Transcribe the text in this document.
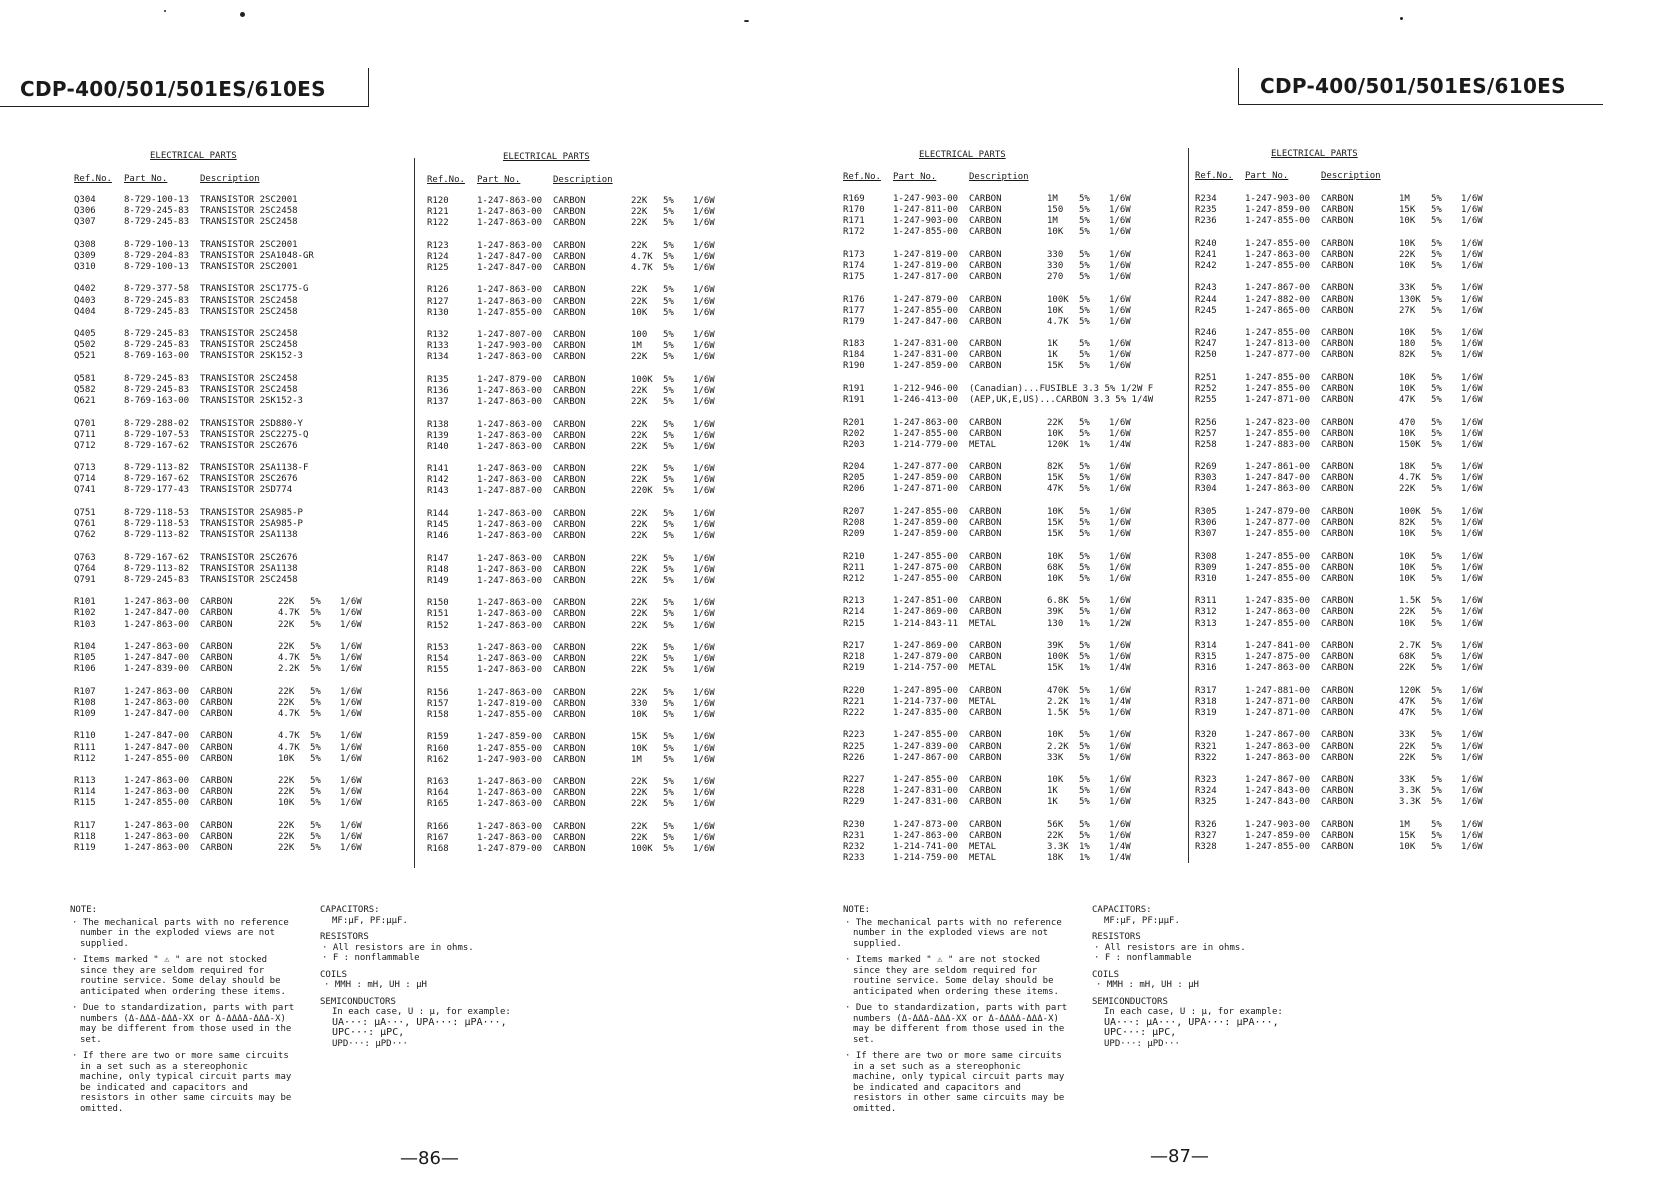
CDP-400/501/501ES/610ES	CDP-400/501/501ES/610ES
—86—	—87—
ELECTRICAL PARTS
Ref.No. Part No.	Description
Q304	8-729-100-13 TRANSISTOR 2SC2001
Q306	8-729-245-83 TRANSISTOR 2SC2458
Q307	8-729-245-83 TRANSISTOR 2SC2458
Q308	8-729-100-13 TRANSISTOR 2SC2001
Q309	8-729-204-83 TRANSISTOR 2SA1048-GR
Q310	8-729-100-13 TRANSISTOR 2SC2001
Q402	8-729-377-58 TRANSISTOR 2SC1775-G
Q403	8-729-245-83 TRANSISTOR 2SC2458
Q404	8-729-245-83 TRANSISTOR 2SC2458
Q405	8-729-245-83 TRANSISTOR 2SC2458
Q502	8-729-245-83 TRANSISTOR 2SC2458
Q521	8-769-163-00 TRANSISTOR 2SK152-3
Q581	8-729-245-83 TRANSISTOR 2SC2458
Q582	8-729-245-83 TRANSISTOR 2SC2458
Q621	8-769-163-00 TRANSISTOR 2SK152-3
Q701	8-729-288-02 TRANSISTOR 2SD880-Y
Q711	8-729-107-53 TRANSISTOR 2SC2275-Q
Q712	8-729-167-62 TRANSISTOR 2SC2676
Q713	8-729-113-82 TRANSISTOR 2SA1138-F
Q714	8-729-167-62 TRANSISTOR 2SC2676
Q741	8-729-177-43 TRANSISTOR 2SD774
Q751	8-729-118-53 TRANSISTOR 2SA985-P
Q761	8-729-118-53 TRANSISTOR 2SA985-P
Q762	8-729-113-82 TRANSISTOR 2SA1138
Q763	8-729-167-62 TRANSISTOR 2SC2676
Q764	8-729-113-82 TRANSISTOR 2SA1138
Q791	8-729-245-83 TRANSISTOR 2SC2458
R101	1-247-863-00 CARBON	22K 5% 1/6W
R102	1-247-847-00 CARBON	4.7K 5% 1/6W
R103	1-247-863-00 CARBON	22K 5% 1/6W
R104	1-247-863-00 CARBON	22K 5% 1/6W
R105	1-247-847-00 CARBON	4.7K 5% 1/6W
R106	1-247-839-00 CARBON	2.2K 5% 1/6W
R107	1-247-863-00 CARBON	22K 5% 1/6W
R108	1-247-863-00 CARBON	22K 5% 1/6W
R109	1-247-847-00 CARBON	4.7K 5% 1/6W
R110	1-247-847-00 CARBON	4.7K 5% 1/6W
R111	1-247-847-00 CARBON	4.7K 5% 1/6W
R112	1-247-855-00 CARBON	10K 5% 1/6W
R113	1-247-863-00 CARBON	22K 5% 1/6W
R114	1-247-863-00 CARBON	22K 5% 1/6W
R115	1-247-855-00 CARBON	10K 5% 1/6W
R117	1-247-863-00 CARBON	22K 5% 1/6W
R118	1-247-863-00 CARBON	22K 5% 1/6W
R119	1-247-863-00 CARBON	22K 5% 1/6W
ELECTRICAL PARTS
Ref.No. Part No.	Description
R120	1-247-863-00 CARBON	22K 5% 1/6W
R121	1-247-863-00 CARBON	22K 5% 1/6W
R122	1-247-863-00 CARBON	22K 5% 1/6W
R123	1-247-863-00 CARBON	22K 5% 1/6W
R124	1-247-847-00 CARBON	4.7K 5% 1/6W
R125	1-247-847-00 CARBON	4.7K 5% 1/6W
R126	1-247-863-00 CARBON	22K 5% 1/6W
R127	1-247-863-00 CARBON	22K 5% 1/6W
R130	1-247-855-00 CARBON	10K 5% 1/6W
R132	1-247-807-00 CARBON	100 5% 1/6W
R133	1-247-903-00 CARBON	1M 5% 1/6W
R134	1-247-863-00 CARBON	22K 5% 1/6W
R135	1-247-879-00 CARBON	100K 5% 1/6W
R136	1-247-863-00 CARBON	22K 5% 1/6W
R137	1-247-863-00 CARBON	22K 5% 1/6W
R138	1-247-863-00 CARBON	22K 5% 1/6W
R139	1-247-863-00 CARBON	22K 5% 1/6W
R140	1-247-863-00 CARBON	22K 5% 1/6W
R141	1-247-863-00 CARBON	22K 5% 1/6W
R142	1-247-863-00 CARBON	22K 5% 1/6W
R143	1-247-887-00 CARBON	220K 5% 1/6W
R144	1-247-863-00 CARBON	22K 5% 1/6W
R145	1-247-863-00 CARBON	22K 5% 1/6W
R146	1-247-863-00 CARBON	22K 5% 1/6W
R147	1-247-863-00 CARBON	22K 5% 1/6W
R148	1-247-863-00 CARBON	22K 5% 1/6W
R149	1-247-863-00 CARBON	22K 5% 1/6W
R150	1-247-863-00 CARBON	22K 5% 1/6W
R151	1-247-863-00 CARBON	22K 5% 1/6W
R152	1-247-863-00 CARBON	22K 5% 1/6W
R153	1-247-863-00 CARBON	22K 5% 1/6W
R154	1-247-863-00 CARBON	22K 5% 1/6W
R155	1-247-863-00 CARBON	22K 5% 1/6W
R156	1-247-863-00 CARBON	22K 5% 1/6W
R157	1-247-819-00 CARBON	330 5% 1/6W
R158	1-247-855-00 CARBON	10K 5% 1/6W
R159	1-247-859-00 CARBON	15K 5% 1/6W
R160	1-247-855-00 CARBON	10K 5% 1/6W
R162	1-247-903-00 CARBON	1M 5% 1/6W
R163	1-247-863-00 CARBON	22K 5% 1/6W
R164	1-247-863-00 CARBON	22K 5% 1/6W
R165	1-247-863-00 CARBON	22K 5% 1/6W
R166	1-247-863-00 CARBON	22K 5% 1/6W
R167	1-247-863-00 CARBON	22K 5% 1/6W
R168	1-247-879-00 CARBON	100K 5% 1/6W
ELECTRICAL PARTS
Ref.No. Part No.	Description
R169	1-247-903-00 CARBON	1M 5% 1/6W
R170	1-247-811-00 CARBON	150 5% 1/6W
R171	1-247-903-00 CARBON	1M 5% 1/6W
R172	1-247-855-00 CARBON	10K 5% 1/6W
R173	1-247-819-00 CARBON	330 5% 1/6W
R174	1-247-819-00 CARBON	330 5% 1/6W
R175	1-247-817-00 CARBON	270 5% 1/6W
R176	1-247-879-00 CARBON	100K 5% 1/6W
R177	1-247-855-00 CARBON	10K 5% 1/6W
R179	1-247-847-00 CARBON	4.7K 5% 1/6W
R183	1-247-831-00 CARBON	1K 5% 1/6W
R184	1-247-831-00 CARBON	1K 5% 1/6W
R190	1-247-859-00 CARBON	15K 5% 1/6W
R191	1-212-946-00 (Canadian)...FUSIBLE 3.3 5% 1/2W F
R191	1-246-413-00 (AEP,UK,E,US)...CARBON 3.3 5% 1/4W
R201	1-247-863-00 CARBON	22K 5% 1/6W
R202	1-247-855-00 CARBON	10K 5% 1/6W
R203	1-214-779-00 METAL	120K 1% 1/4W
R204	1-247-877-00 CARBON	82K 5% 1/6W
R205	1-247-859-00 CARBON	15K 5% 1/6W
R206	1-247-871-00 CARBON	47K 5% 1/6W
R207	1-247-855-00 CARBON	10K 5% 1/6W
R208	1-247-859-00 CARBON	15K 5% 1/6W
R209	1-247-859-00 CARBON	15K 5% 1/6W
R210	1-247-855-00 CARBON	10K 5% 1/6W
R211	1-247-875-00 CARBON	68K 5% 1/6W
R212	1-247-855-00 CARBON	10K 5% 1/6W
R213	1-247-851-00 CARBON	6.8K 5% 1/6W
R214	1-247-869-00 CARBON	39K 5% 1/6W
R215	1-214-843-11 METAL	130 1% 1/2W
R217	1-247-869-00 CARBON	39K 5% 1/6W
R218	1-247-879-00 CARBON	100K 5% 1/6W
R219	1-214-757-00 METAL	15K 1% 1/4W
R220	1-247-895-00 CARBON	470K 5% 1/6W
R221	1-214-737-00 METAL	2.2K 1% 1/4W
R222	1-247-835-00 CARBON	1.5K 5% 1/6W
R223	1-247-855-00 CARBON	10K 5% 1/6W
R225	1-247-839-00 CARBON	2.2K 5% 1/6W
R226	1-247-867-00 CARBON	33K 5% 1/6W
R227	1-247-855-00 CARBON	10K 5% 1/6W
R228	1-247-831-00 CARBON	1K 5% 1/6W
R229	1-247-831-00 CARBON	1K 5% 1/6W
R230	1-247-873-00 CARBON	56K 5% 1/6W
R231	1-247-863-00 CARBON	22K 5% 1/6W
R232	1-214-741-00 METAL	3.3K 1% 1/4W
R233	1-214-759-00 METAL	18K 1% 1/4W
ELECTRICAL PARTS
Ref.No. Part No.	Description
R234	1-247-903-00 CARBON	1M 5% 1/6W
R235	1-247-859-00 CARBON	15K 5% 1/6W
R236	1-247-855-00 CARBON	10K 5% 1/6W
R240	1-247-855-00 CARBON	10K 5% 1/6W
R241	1-247-863-00 CARBON	22K 5% 1/6W
R242	1-247-855-00 CARBON	10K 5% 1/6W
R243	1-247-867-00 CARBON	33K 5% 1/6W
R244	1-247-882-00 CARBON	130K 5% 1/6W
R245	1-247-865-00 CARBON	27K 5% 1/6W
R246	1-247-855-00 CARBON	10K 5% 1/6W
R247	1-247-813-00 CARBON	180 5% 1/6W
R250	1-247-877-00 CARBON	82K 5% 1/6W
R251	1-247-855-00 CARBON	10K 5% 1/6W
R252	1-247-855-00 CARBON	10K 5% 1/6W
R255	1-247-871-00 CARBON	47K 5% 1/6W
R256	1-247-823-00 CARBON	470 5% 1/6W
R257	1-247-855-00 CARBON	10K 5% 1/6W
R258	1-247-883-00 CARBON	150K 5% 1/6W
R269	1-247-861-00 CARBON	18K 5% 1/6W
R303	1-247-847-00 CARBON	4.7K 5% 1/6W
R304	1-247-863-00 CARBON	22K 5% 1/6W
R305	1-247-879-00 CARBON	100K 5% 1/6W
R306	1-247-877-00 CARBON	82K 5% 1/6W
R307	1-247-855-00 CARBON	10K 5% 1/6W
R308	1-247-855-00 CARBON	10K 5% 1/6W
R309	1-247-855-00 CARBON	10K 5% 1/6W
R310	1-247-855-00 CARBON	10K 5% 1/6W
R311	1-247-835-00 CARBON	1.5K 5% 1/6W
R312	1-247-863-00 CARBON	22K 5% 1/6W
R313	1-247-855-00 CARBON	10K 5% 1/6W
R314	1-247-841-00 CARBON	2.7K 5% 1/6W
R315	1-247-875-00 CARBON	68K 5% 1/6W
R316	1-247-863-00 CARBON	22K 5% 1/6W
R317	1-247-881-00 CARBON	120K 5% 1/6W
R318	1-247-871-00 CARBON	47K 5% 1/6W
R319	1-247-871-00 CARBON	47K 5% 1/6W
R320	1-247-867-00 CARBON	33K 5% 1/6W
R321	1-247-863-00 CARBON	22K 5% 1/6W
R322	1-247-863-00 CARBON	22K 5% 1/6W
R323	1-247-867-00 CARBON	33K 5% 1/6W
R324	1-247-843-00 CARBON	3.3K 5% 1/6W
R325	1-247-843-00 CARBON	3.3K 5% 1/6W
R326	1-247-903-00 CARBON	1M 5% 1/6W
R327	1-247-859-00 CARBON	15K 5% 1/6W
R328	1-247-855-00 CARBON	10K 5% 1/6W

NOTE:

· The mechanical parts with no reference number in the exploded views are not supplied.

· Items marked " ⚠ " are not stocked since they are seldom required for routine service. Some delay should be anticipated when ordering these items.

· Due to standardization, parts with part numbers (Δ-ΔΔΔ-ΔΔΔ-XX or Δ-ΔΔΔΔ-ΔΔΔ-X) may be different from those used in the set.

· If there are two or more same circuits in a set such as a stereophonic machine, only typical circuit parts may be indicated and capacitors and resistors in other same circuits may be omitted.

CAPACITORS:

MF:μF, PF:μμF.

RESISTORS

· All resistors are in ohms.

· F : nonflammable

COILS

· MMH : mH, UH : μH

SEMICONDUCTORS

In each case, U : μ, for example:

UA···: μA···, UPA···: μPA···, UPC···: μPC,

UPD···: μPD···

NOTE:

· The mechanical parts with no reference number in the exploded views are not supplied.

· Items marked " ⚠ " are not stocked since they are seldom required for routine service. Some delay should be anticipated when ordering these items.

· Due to standardization, parts with part numbers (Δ-ΔΔΔ-ΔΔΔ-XX or Δ-ΔΔΔΔ-ΔΔΔ-X) may be different from those used in the set.

· If there are two or more same circuits in a set such as a stereophonic machine, only typical circuit parts may be indicated and capacitors and resistors in other same circuits may be omitted.

CAPACITORS:

MF:μF, PF:μμF.

RESISTORS

· All resistors are in ohms.

· F : nonflammable

COILS

· MMH : mH, UH : μH

SEMICONDUCTORS

In each case, U : μ, for example:

UA···: μA···, UPA···: μPA···, UPC···: μPC,

UPD···: μPD···
